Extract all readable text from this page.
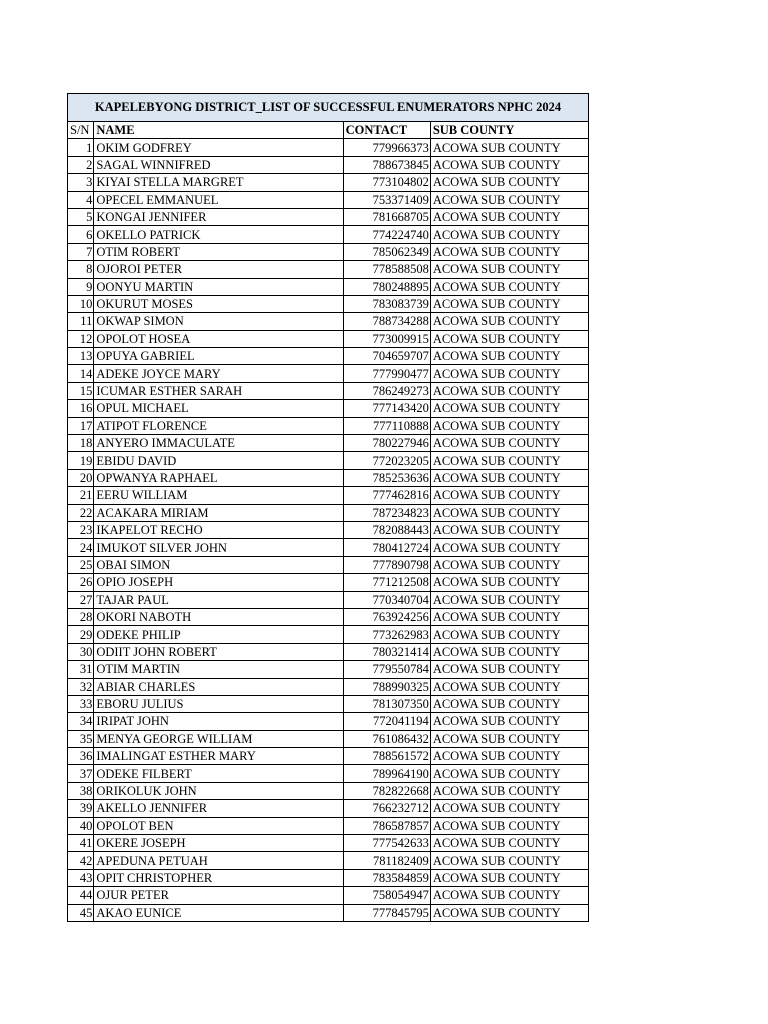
KAPELEBYONG DISTRICT_LIST OF SUCCESSFUL ENUMERATORS NPHC 2024			
S/N	NAME	CONTACT	SUB COUNTY
1	OKIM GODFREY	779966373	ACOWA SUB COUNTY
2	SAGAL WINNIFRED	788673845	ACOWA SUB COUNTY
3	KIYAI STELLA MARGRET	773104802	ACOWA SUB COUNTY
4	OPECEL EMMANUEL	753371409	ACOWA SUB COUNTY
5	KONGAI JENNIFER	781668705	ACOWA SUB COUNTY
6	OKELLO PATRICK	774224740	ACOWA SUB COUNTY
7	OTIM ROBERT	785062349	ACOWA SUB COUNTY
8	OJOROI PETER	778588508	ACOWA SUB COUNTY
9	OONYU MARTIN	780248895	ACOWA SUB COUNTY
10	OKURUT MOSES	783083739	ACOWA SUB COUNTY
11	OKWAP SIMON	788734288	ACOWA SUB COUNTY
12	OPOLOT HOSEA	773009915	ACOWA SUB COUNTY
13	OPUYA GABRIEL	704659707	ACOWA SUB COUNTY
14	ADEKE JOYCE MARY	777990477	ACOWA SUB COUNTY
15	ICUMAR ESTHER SARAH	786249273	ACOWA SUB COUNTY
16	OPUL MICHAEL	777143420	ACOWA SUB COUNTY
17	ATIPOT FLORENCE	777110888	ACOWA SUB COUNTY
18	ANYERO IMMACULATE	780227946	ACOWA SUB COUNTY
19	EBIDU DAVID	772023205	ACOWA SUB COUNTY
20	OPWANYA RAPHAEL	785253636	ACOWA SUB COUNTY
21	EERU WILLIAM	777462816	ACOWA SUB COUNTY
22	ACAKARA MIRIAM	787234823	ACOWA SUB COUNTY
23	IKAPELOT RECHO	782088443	ACOWA SUB COUNTY
24	IMUKOT SILVER JOHN	780412724	ACOWA SUB COUNTY
25	OBAI SIMON	777890798	ACOWA SUB COUNTY
26	OPIO JOSEPH	771212508	ACOWA SUB COUNTY
27	TAJAR PAUL	770340704	ACOWA SUB COUNTY
28	OKORI NABOTH	763924256	ACOWA SUB COUNTY
29	ODEKE PHILIP	773262983	ACOWA SUB COUNTY
30	ODIIT JOHN ROBERT	780321414	ACOWA SUB COUNTY
31	OTIM MARTIN	779550784	ACOWA SUB COUNTY
32	ABIAR CHARLES	788990325	ACOWA SUB COUNTY
33	EBORU JULIUS	781307350	ACOWA SUB COUNTY
34	IRIPAT JOHN	772041194	ACOWA SUB COUNTY
35	MENYA GEORGE WILLIAM	761086432	ACOWA SUB COUNTY
36	IMALINGAT ESTHER MARY	788561572	ACOWA SUB COUNTY
37	ODEKE FILBERT	789964190	ACOWA SUB COUNTY
38	ORIKOLUK JOHN	782822668	ACOWA SUB COUNTY
39	AKELLO JENNIFER	766232712	ACOWA SUB COUNTY
40	OPOLOT BEN	786587857	ACOWA SUB COUNTY
41	OKERE JOSEPH	777542633	ACOWA SUB COUNTY
42	APEDUNA PETUAH	781182409	ACOWA SUB COUNTY
43	OPIT CHRISTOPHER	783584859	ACOWA SUB COUNTY
44	OJUR PETER	758054947	ACOWA SUB COUNTY
45	AKAO EUNICE	777845795	ACOWA SUB COUNTY
